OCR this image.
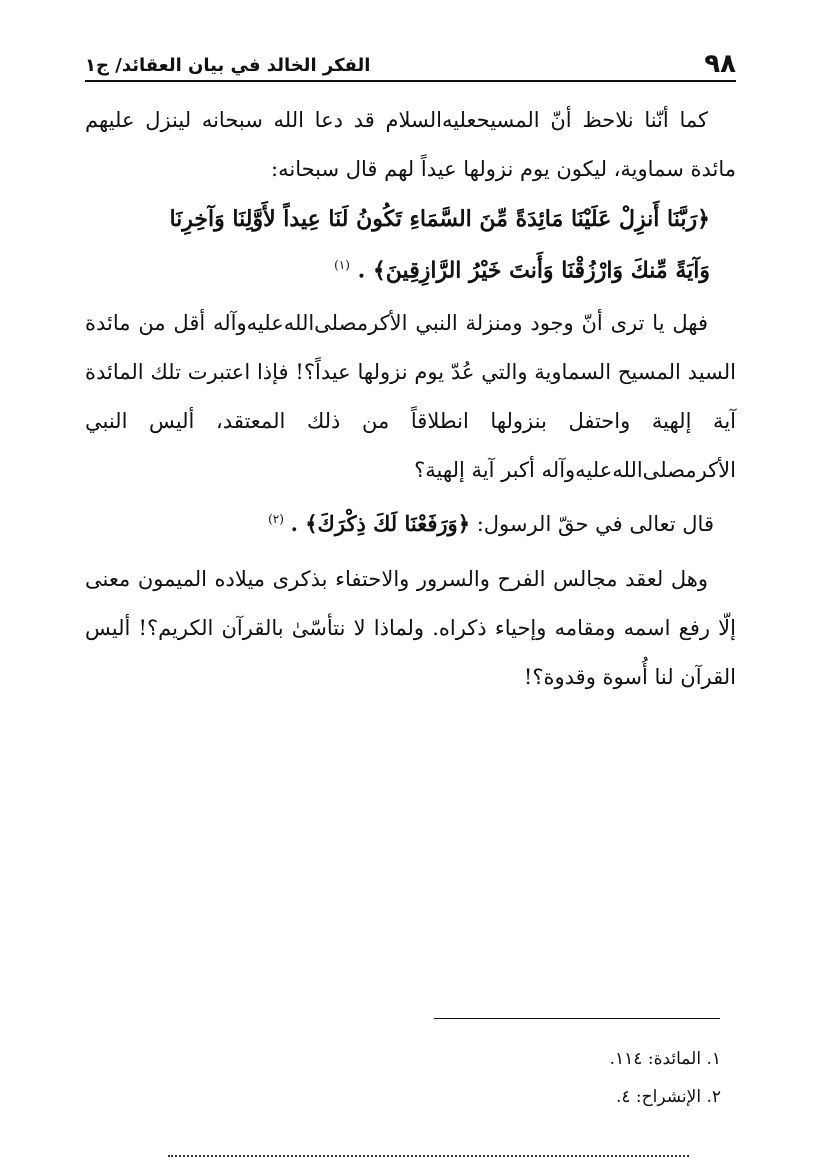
٩٨
الفكر الخالد في بيان العقائد/ ج١

كما أنّنا نلاحظ أنّ المسيحعليه‌السلام قد دعا الله سبحانه لينزل عليهم مائدة سماوية، ليكون يوم نزولها عيداً لهم قال سبحانه:

﴿رَبَّنَا أَنزِلْ عَلَيْنَا مَائِدَةً مِّنَ السَّمَاءِ تَكُونُ لَنَا عِيداً لأَوَّلِنَا وَآخِرِنَا
وَآيَةً مِّنكَ وَارْزُقْنَا وَأَنتَ خَيْرُ الرَّازِقِينَ﴾ . $^{(١)}$

فهل يا ترى أنّ وجود ومنزلة النبي الأكرمصلى‌الله‌عليه‌وآله أقل من مائدة السيد المسيح السماوية والتي عُدّ يوم نزولها عيداً؟! فإذا اعتبرت تلك المائدة آية إلهية واحتفل بنزولها انطلاقاً من ذلك المعتقد، أليس النبي الأكرمصلى‌الله‌عليه‌وآله أكبر آية إلهية؟

قال تعالى في حقّ الرسول: ﴿وَرَفَعْنَا لَكَ ذِكْرَكَ﴾ . $^{(٢)}$

وهل لعقد مجالس الفرح والسرور والاحتفاء بذكرى ميلاده الميمون معنى إلّا رفع اسمه ومقامه وإحياء ذكراه. ولماذا لا نتأسّىٰ بالقرآن الكريم؟! أليس القرآن لنا أُسوة وقدوة؟!

١. المائدة: ١١٤.
٢. الإنشراح: ٤.
